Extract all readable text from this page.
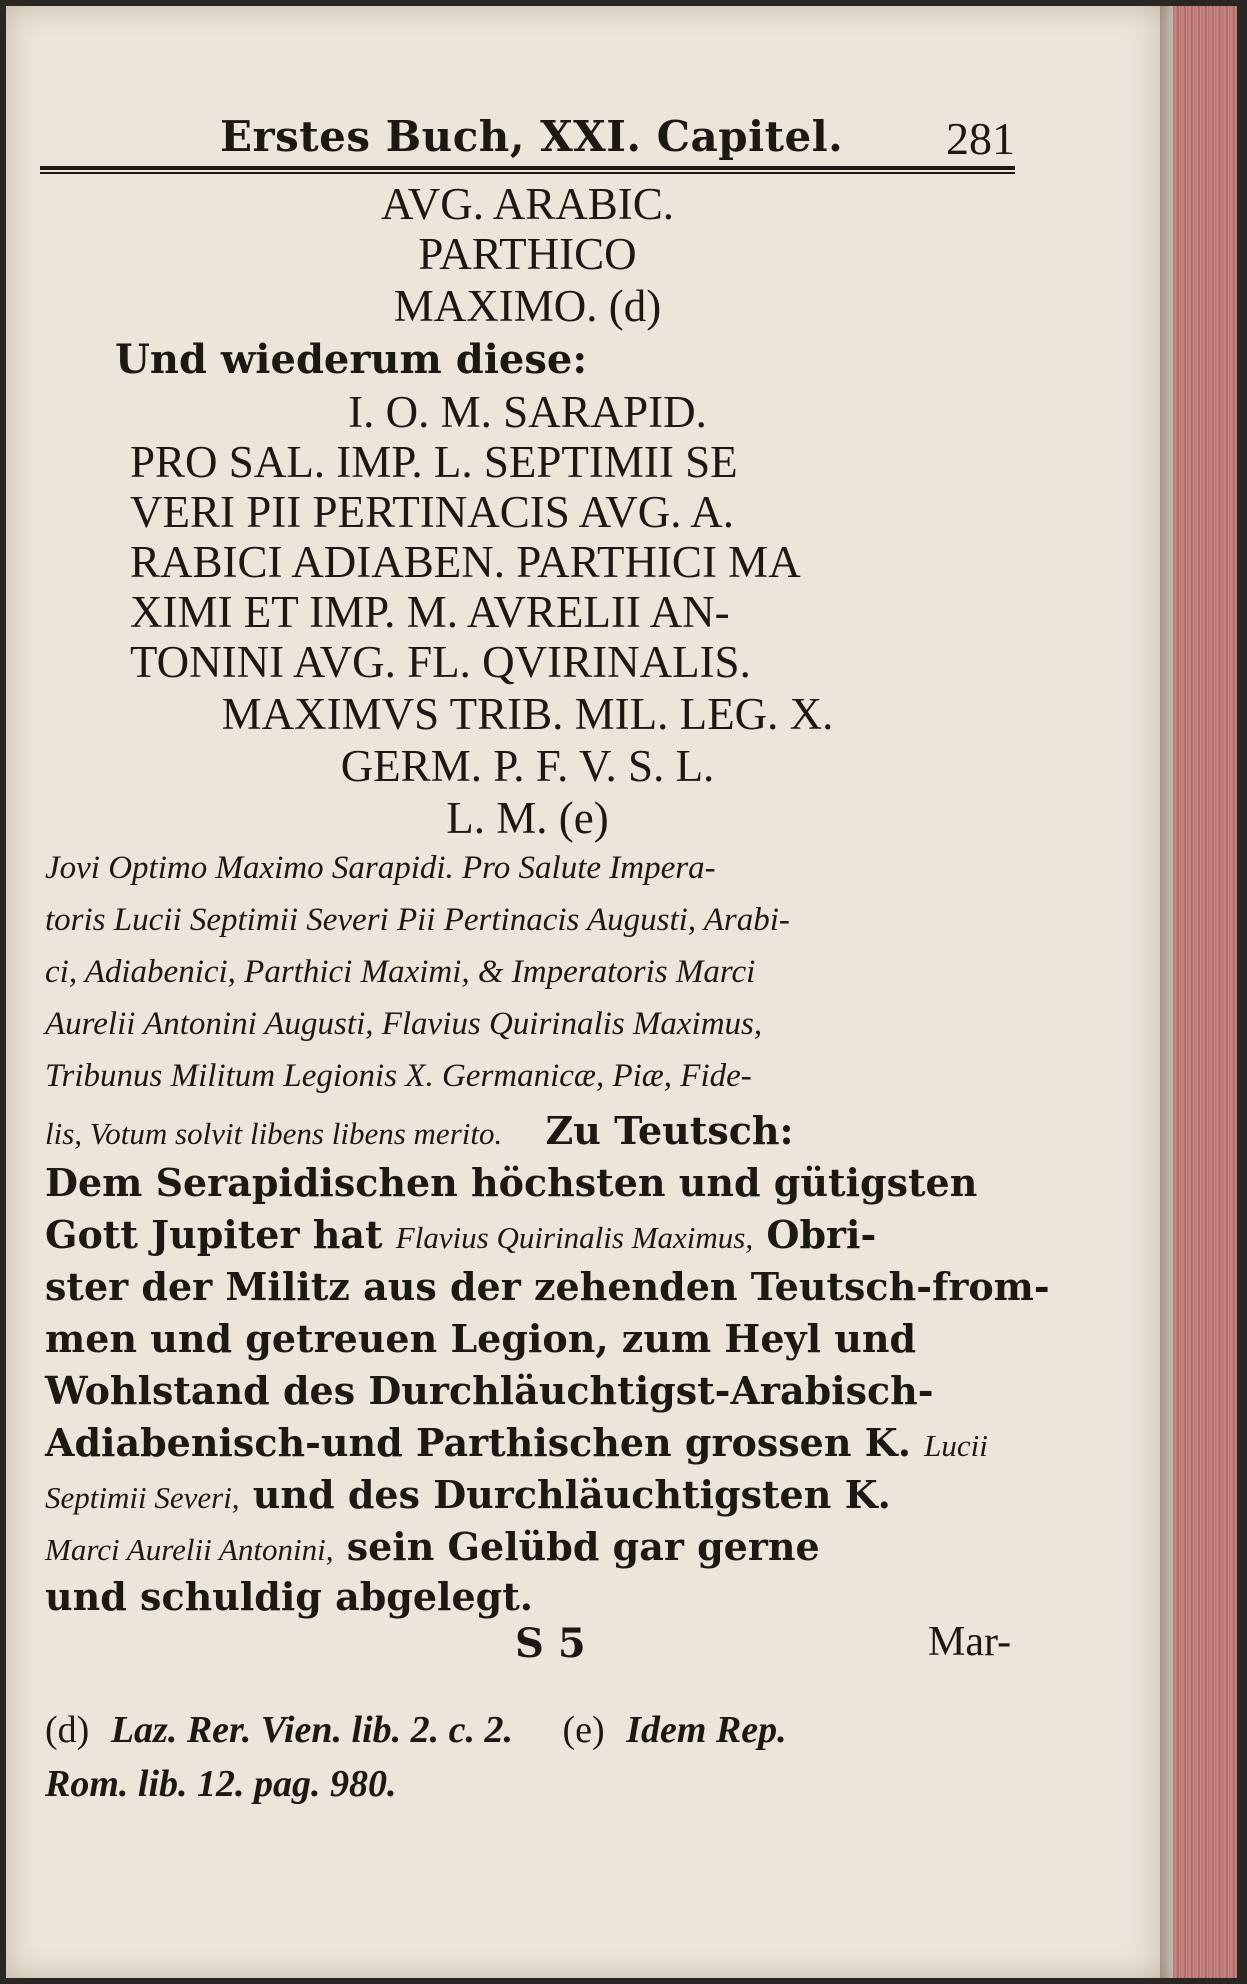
Erstes Buch, XXI. Capitel.	281
AVG. ARABIC.
PARTHICO
MAXIMO. (d)
Und wiederum diese:
I. O. M. SARAPID.
PRO SAL. IMP. L. SEPTIMII SE
VERI PII PERTINACIS AVG. A.
RABICI ADIABEN. PARTHICI MA
XIMI ET IMP. M. AVRELII AN-
TONINI AVG. FL. QVIRINALIS.
MAXIMVS TRIB. MIL. LEG. X.
GERM. P. F. V. S. L.
L. M. (e)
Jovi Optimo Maximo Sarapidi. Pro Salute Impera-
toris Lucii Septimii Severi Pii Pertinacis Augusti, Arabi-
ci, Adiabenici, Parthici Maximi, & Imperatoris Marci
Aurelii Antonini Augusti, Flavius Quirinalis Maximus,
Tribunus Militum Legionis X. Germanicæ, Piæ, Fide-
lis, Votum solvit libens libens merito. Zu Teutsch:
Dem Serapidischen höchsten und gütigsten
Gott Jupiter hat Flavius Quirinalis Maximus, Obri-
ster der Militz aus der zehenden Teutsch-from-
men und getreuen Legion, zum Heyl und
Wohlstand des Durchläuchtigst-Arabisch-
Adiabenisch-und Parthischen grossen K. Lucii
Septimii Severi, und des Durchläuchtigsten K.
Marci Aurelii Antonini, sein Gelübd gar gerne
und schuldig abgelegt.
S 5	Mar-
(d) Laz. Rer. Vien. lib. 2. c. 2. (e) Idem Rep.
Rom. lib. 12. pag. 980.
